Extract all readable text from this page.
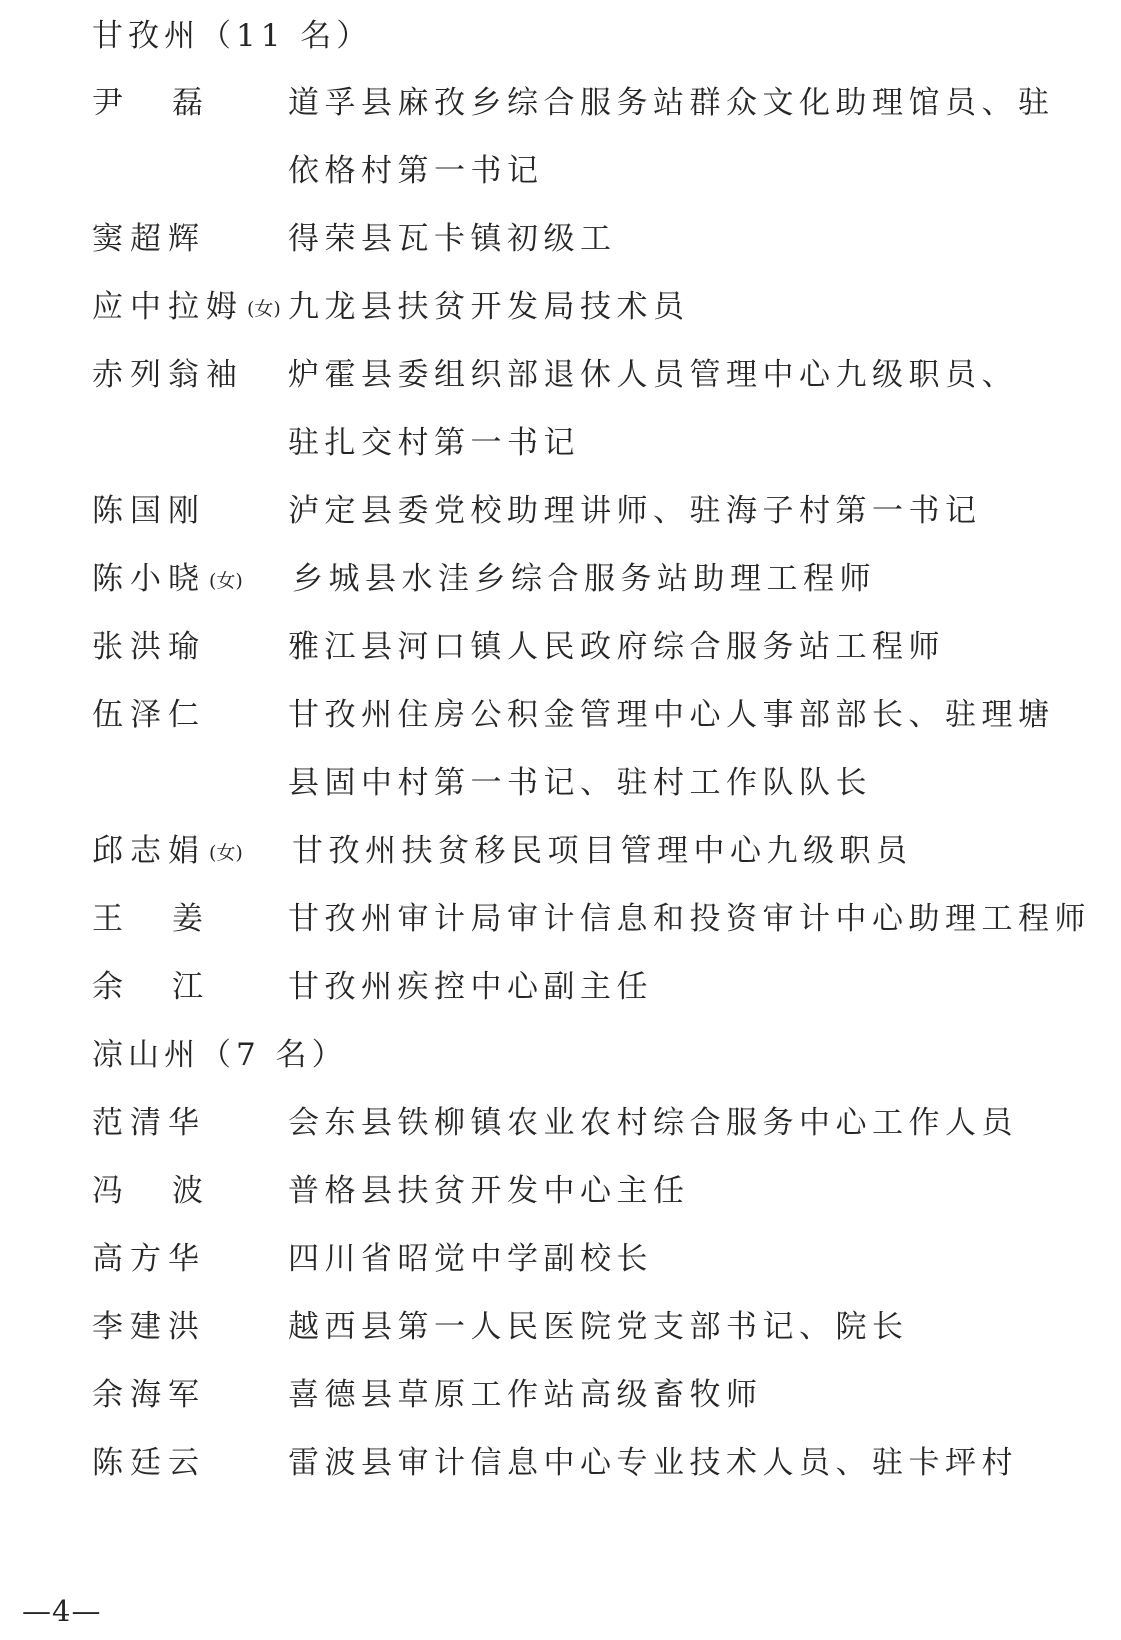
甘孜州（11 名）
尹 磊	道孚县麻孜乡综合服务站群众文化助理馆员、驻
依格村第一书记
窦超辉	得荣县瓦卡镇初级工
应中拉姆 (女) 九龙县扶贫开发局技术员
赤列翁袖 炉霍县委组织部退休人员管理中心九级职员、
驻扎交村第一书记
陈国刚	泸定县委党校助理讲师、驻海子村第一书记
陈小晓 (女) 乡城县水洼乡综合服务站助理工程师
张洪瑜	雅江县河口镇人民政府综合服务站工程师
伍泽仁	甘孜州住房公积金管理中心人事部部长、驻理塘
县固中村第一书记、驻村工作队队长
邱志娟 (女) 甘孜州扶贫移民项目管理中心九级职员
王 姜	甘孜州审计局审计信息和投资审计中心助理工程师
余 江	甘孜州疾控中心副主任
凉山州（7 名）
范清华	会东县铁柳镇农业农村综合服务中心工作人员
冯 波	普格县扶贫开发中心主任
高方华	四川省昭觉中学副校长
李建洪	越西县第一人民医院党支部书记、院长
余海军	喜德县草原工作站高级畜牧师
陈廷云	雷波县审计信息中心专业技术人员、驻卡坪村
—4—
